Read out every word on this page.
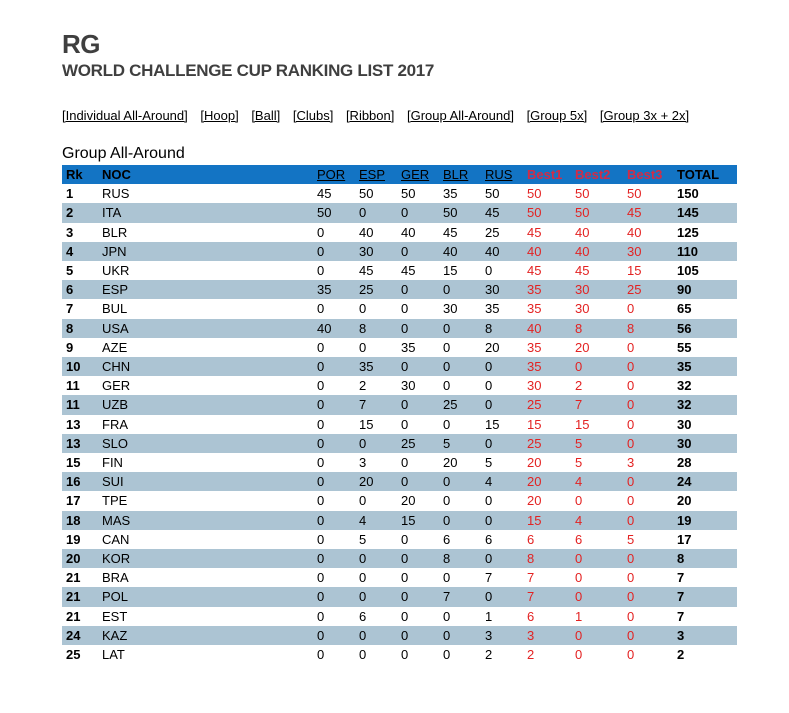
RG
WORLD CHALLENGE CUP RANKING LIST 2017
[Individual All-Around] [Hoop] [Ball] [Clubs] [Ribbon] [Group All-Around] [Group 5x] [Group 3x + 2x]
Group All-Around
Rk	NOC	POR	ESP	GER	BLR	RUS	Best1	Best2	Best3	TOTAL
1	RUS	45	50	50	35	50	50	50	50	150
2	ITA	50	0	0	50	45	50	50	45	145
3	BLR	0	40	40	45	25	45	40	40	125
4	JPN	0	30	0	40	40	40	40	30	110
5	UKR	0	45	45	15	0	45	45	15	105
6	ESP	35	25	0	0	30	35	30	25	90
7	BUL	0	0	0	30	35	35	30	0	65
8	USA	40	8	0	0	8	40	8	8	56
9	AZE	0	0	35	0	20	35	20	0	55
10	CHN	0	35	0	0	0	35	0	0	35
11	GER	0	2	30	0	0	30	2	0	32
11	UZB	0	7	0	25	0	25	7	0	32
13	FRA	0	15	0	0	15	15	15	0	30
13	SLO	0	0	25	5	0	25	5	0	30
15	FIN	0	3	0	20	5	20	5	3	28
16	SUI	0	20	0	0	4	20	4	0	24
17	TPE	0	0	20	0	0	20	0	0	20
18	MAS	0	4	15	0	0	15	4	0	19
19	CAN	0	5	0	6	6	6	6	5	17
20	KOR	0	0	0	8	0	8	0	0	8
21	BRA	0	0	0	0	7	7	0	0	7
21	POL	0	0	0	7	0	7	0	0	7
21	EST	0	6	0	0	1	6	1	0	7
24	KAZ	0	0	0	0	3	3	0	0	3
25	LAT	0	0	0	0	2	2	0	0	2
